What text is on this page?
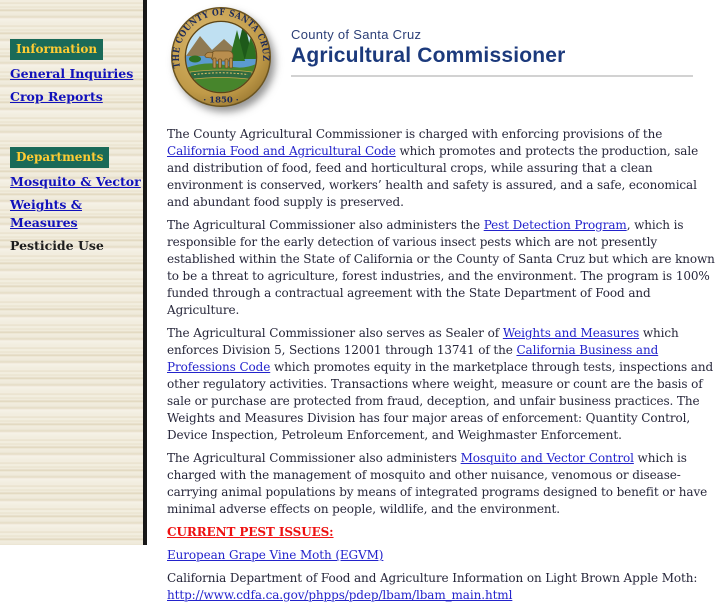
Information
General Inquiries
Crop Reports
Departments
Mosquito & Vector
Weights & Measures
Pesticide Use
THE COUNTY OF SANTA CRUZ
· 1850 ·
County of Santa Cruz
Agricultural Commissioner

The County Agricultural Commissioner is charged with enforcing provisions of the California Food and Agricultural Code which promotes and protects the production, sale and distribution of food, feed and horticultural crops, while assuring that a clean environment is conserved, workers’ health and safety is assured, and a safe, economical and abundant food supply is preserved.

The Agricultural Commissioner also administers the Pest Detection Program, which is responsible for the early detection of various insect pests which are not presently established within the State of California or the County of Santa Cruz but which are known to be a threat to agriculture, forest industries, and the environment. The program is 100% funded through a contractual agreement with the State Department of Food and Agriculture.

The Agricultural Commissioner also serves as Sealer of Weights and Measures which enforces Division 5, Sections 12001 through 13741 of the California Business and Professions Code which promotes equity in the marketplace through tests, inspections and other regulatory activities. Transactions where weight, measure or count are the basis of sale or purchase are protected from fraud, deception, and unfair business practices. The Weights and Measures Division has four major areas of enforcement: Quantity Control, Device Inspection, Petroleum Enforcement, and Weighmaster Enforcement.

The Agricultural Commissioner also administers Mosquito and Vector Control which is charged with the management of mosquito and other nuisance, venomous or disease-carrying animal populations by means of integrated programs designed to benefit or have minimal adverse effects on people, wildlife, and the environment.

CURRENT PEST ISSUES:

European Grape Vine Moth (EGVM)

California Department of Food and Agriculture Information on Light Brown Apple Moth:
http://www.cdfa.ca.gov/phpps/pdep/lbam/lbam_main.html
